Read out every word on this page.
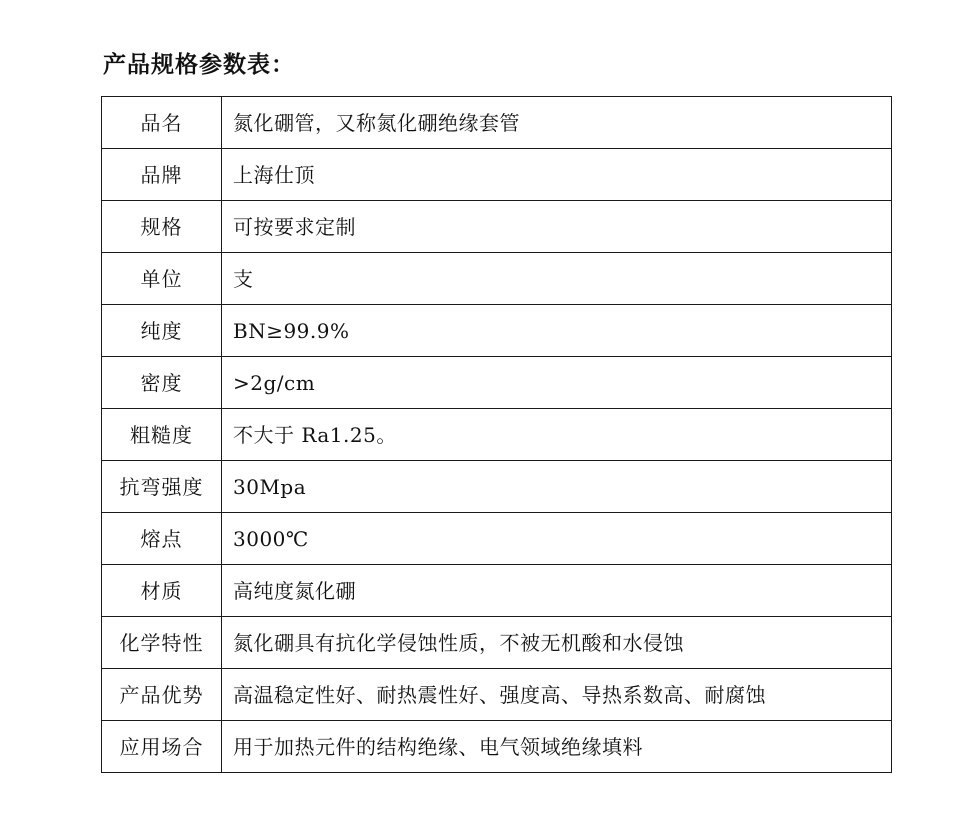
产品规格参数表：
品名	氮化硼管，又称氮化硼绝缘套管
品牌	上海仕顶
规格	可按要求定制
单位	支
纯度	BN≥99.9%
密度	>2g/cm
粗糙度	不大于 Ra1.25。
抗弯强度	30Mpa
熔点	3000℃
材质	高纯度氮化硼
化学特性	氮化硼具有抗化学侵蚀性质，不被无机酸和水侵蚀
产品优势	高温稳定性好、耐热震性好、强度高、导热系数高、耐腐蚀
应用场合	用于加热元件的结构绝缘、电气领域绝缘填料
